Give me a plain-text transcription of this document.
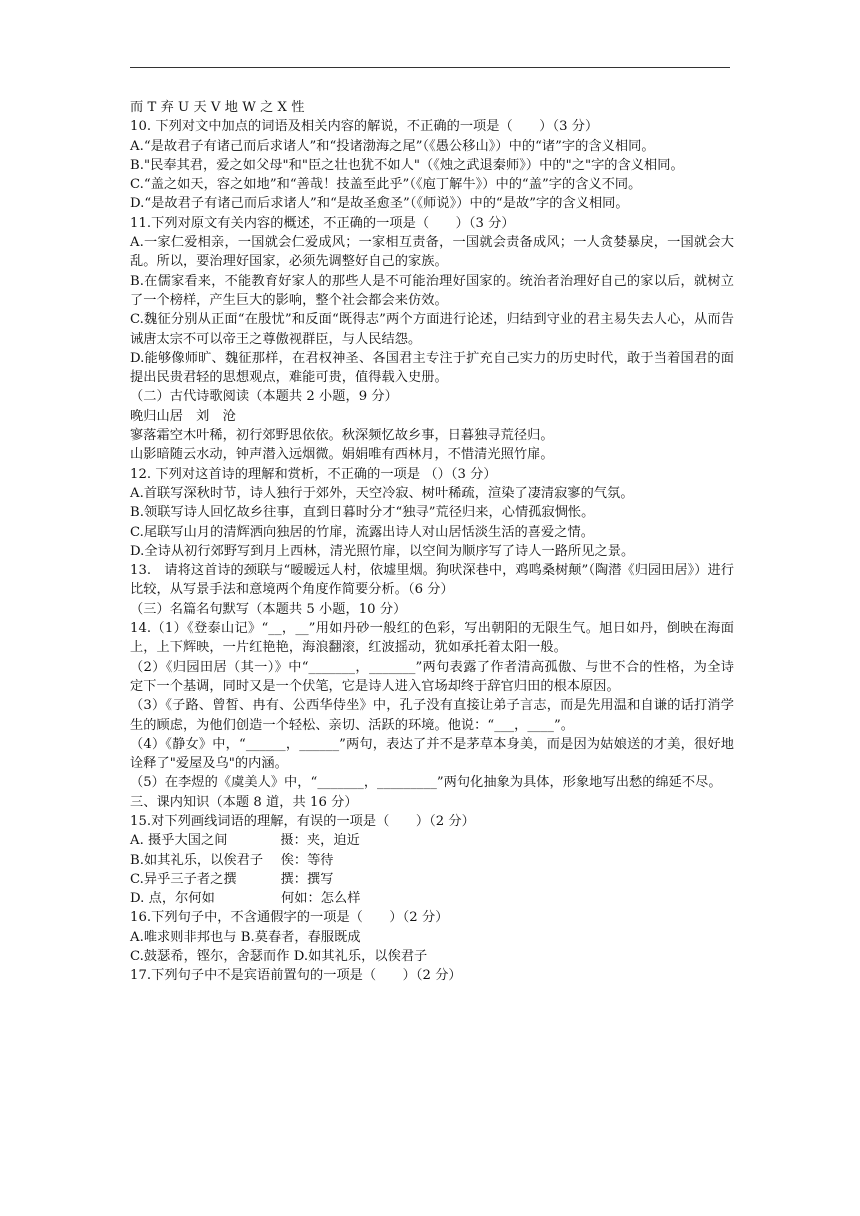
而 T 弃 U 天 V 地 W 之 X 性

10. 下列对文中加点的词语及相关内容的解说，不正确的一项是（　　）（3 分）

A.“是故君子有诸己而后求诸人”和“投诸渤海之尾”（《愚公移山》）中的“诸”字的含义相同。

B."民奉其君，爱之如父母"和"臣之壮也犹不如人"（《烛之武退秦师》）中的"之"字的含义相同。

C.“盖之如天，容之如地”和“善哉！技盖至此乎”（《庖丁解牛》）中的“盖”字的含义不同。

D.“是故君子有诸己而后求诸人”和“是故圣愈圣”（《师说》）中的“是故”字的含义相同。

11.下列对原文有关内容的概述，不正确的一项是（　　）（3 分）

A.一家仁爱相亲，一国就会仁爱成风；一家相互责备，一国就会责备成风；一人贪婪暴戾，一国就会大乱。所以，要治理好国家，必须先调整好自己的家族。

B.在儒家看来，不能教育好家人的那些人是不可能治理好国家的。统治者治理好自己的家以后，就树立了一个榜样，产生巨大的影响，整个社会都会来仿效。

C.魏征分别从正面“在殷忧”和反面“既得志”两个方面进行论述，归结到守业的君主易失去人心，从而告诫唐太宗不可以帝王之尊傲视群臣，与人民结怨。

D.能够像师旷、魏征那样，在君权神圣、各国君主专注于扩充自己实力的历史时代，敢于当着国君的面提出民贵君轻的思想观点，难能可贵，值得载入史册。

（二）古代诗歌阅读（本题共 2 小题，9 分）

晚归山居　刘　沧

寥落霜空木叶稀，初行郊野思依依。秋深频忆故乡事，日暮独寻荒径归。

山影暗随云水动，钟声潜入远烟微。娟娟唯有西林月，不惜清光照竹扉。

12. 下列对这首诗的理解和赏析，不正确的一项是 （）（3 分）

A.首联写深秋时节，诗人独行于郊外，天空冷寂、树叶稀疏，渲染了凄清寂寥的气氛。

B.领联写诗人回忆故乡往事，直到日暮时分才“独寻”荒径归来，心情孤寂惆怅。

C.尾联写山月的清辉洒向独居的竹扉，流露出诗人对山居恬淡生活的喜爱之情。

D.全诗从初行郊野写到月上西林，清光照竹扉，以空间为顺序写了诗人一路所见之景。

13.　请将这首诗的颈联与“暧暧远人村，依墟里烟。狗吠深巷中，鸡鸣桑树颠”（陶潜《归园田居》）进行比较，从写景手法和意境两个角度作简要分析。（6 分）

（三）名篇名句默写（本题共 5 小题，10 分）

14.（1）《登泰山记》“__，__”用如丹砂一般红的色彩，写出朝阳的无限生气。旭日如丹，倒映在海面上，上下辉映，一片红艳艳，海浪翻滚，红波摇动，犹如承托着太阳一般。

（2）《归园田居（其一）》中“_______，_______”两句表露了作者清高孤傲、与世不合的性格，为全诗定下一个基调，同时又是一个伏笔，它是诗人进入官场却终于辞官归田的根本原因。

（3）《子路、曾皙、冉有、公西华侍坐》中，孔子没有直接让弟子言志，而是先用温和自谦的话打消学生的顾虑，为他们创造一个轻松、亲切、活跃的环境。他说：“___，____”。

（4）《静女》中，“______，______”两句，表达了并不是茅草本身美，而是因为姑娘送的才美，很好地诠释了"爱屋及乌"的内涵。

（5）在李煜的《虞美人》中，“_______，_________”两句化抽象为具体，形象地写出愁的绵延不尽。

三、课内知识（本题 8 道，共 16 分）

15.对下列画线词语的理解，有误的一项是（　　）（2 分）

A. 摄乎大国之间　　　　摄：夹，迫近

B.如其礼乐，以俟君子　 俟：等待

C.异乎三子者之撰　　　 撰：撰写

D. 点，尔何如　　　　　何如：怎么样

16.下列句子中，不含通假字的一项是（　　）（2 分）

A.唯求则非邦也与 B.莫春者，春服既成

C.鼓瑟希，铿尔，舍瑟而作 D.如其礼乐，以俟君子

17.下列句子中不是宾语前置句的一项是（　　）（2 分）
